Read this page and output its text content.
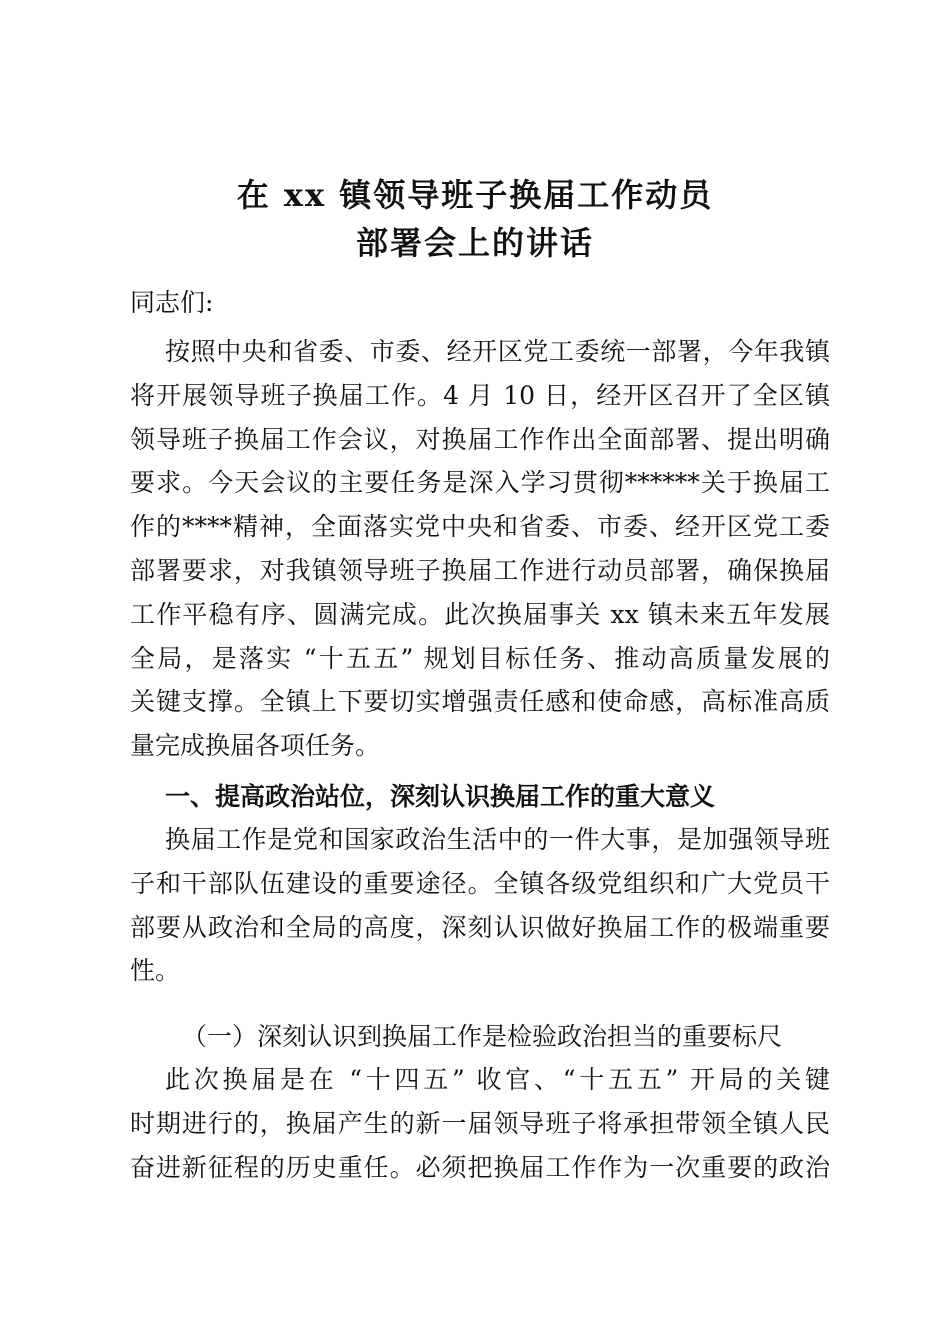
在 xx 镇领导班子换届工作动员
部署会上的讲话
同志们:
按照中央和省委、市委、经开区党工委统一部署，今年我镇
将开展领导班子换届工作。4 月 10 日，经开区召开了全区镇
领导班子换届工作会议，对换届工作作出全面部署、提出明确
要求。今天会议的主要任务是深入学习贯彻******关于换届工
作的****精神，全面落实党中央和省委、市委、经开区党工委
部署要求，对我镇领导班子换届工作进行动员部署，确保换届
工作平稳有序、圆满完成。此次换届事关 xx 镇未来五年发展
全局，是落实 “十五五” 规划目标任务、推动高质量发展的
关键支撑。全镇上下要切实增强责任感和使命感，高标准高质
量完成换届各项任务。
一、提高政治站位，深刻认识换届工作的重大意义
换届工作是党和国家政治生活中的一件大事，是加强领导班
子和干部队伍建设的重要途径。全镇各级党组织和广大党员干
部要从政治和全局的高度，深刻认识做好换届工作的极端重要
性。
（一）深刻认识到换届工作是检验政治担当的重要标尺
此次换届是在 “十四五” 收官、“十五五” 开局的关键
时期进行的，换届产生的新一届领导班子将承担带领全镇人民
奋进新征程的历史重任。必须把换届工作作为一次重要的政治
